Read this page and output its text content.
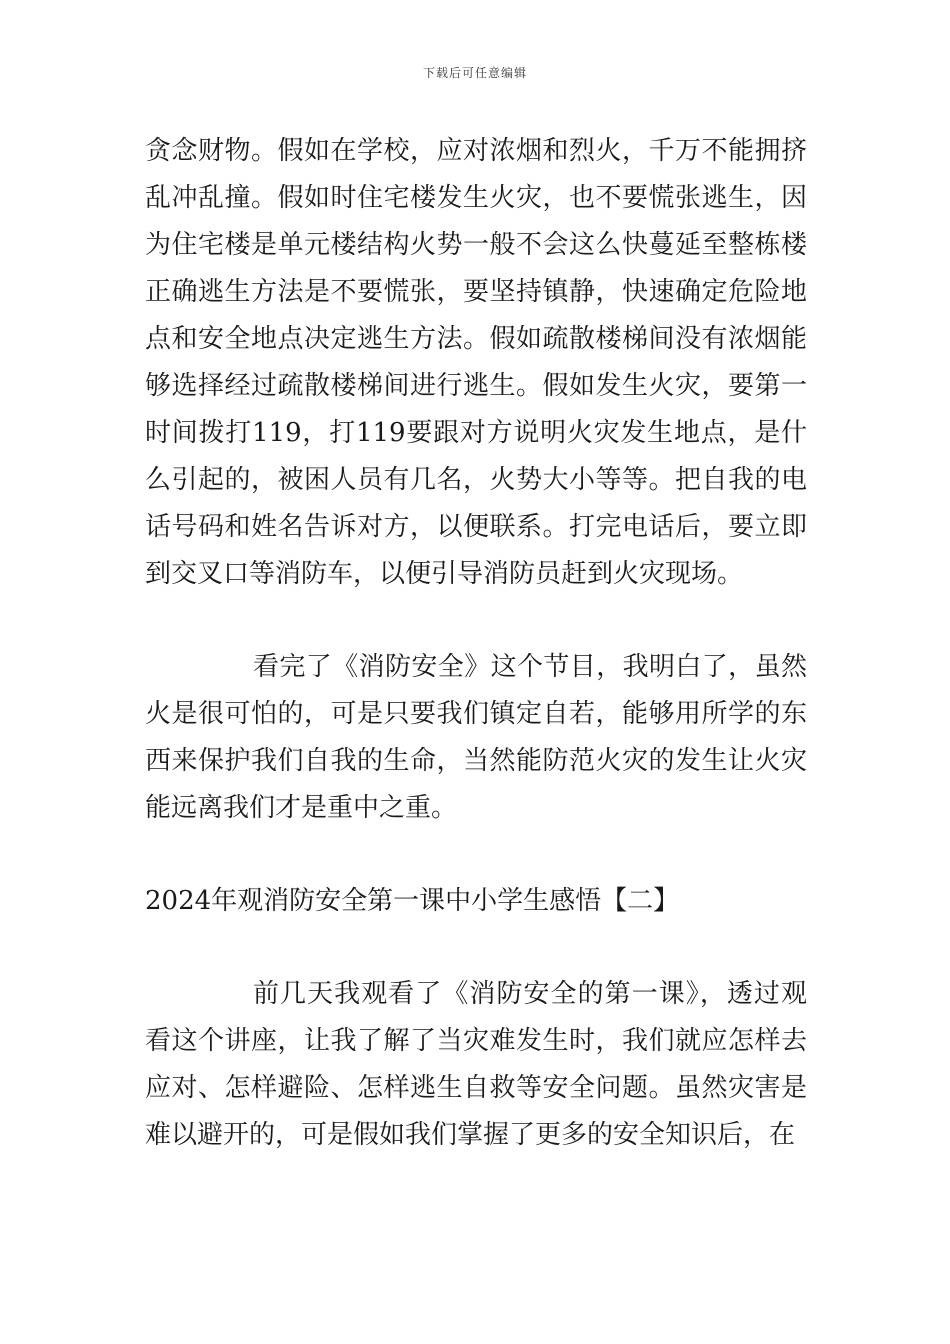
下载后可任意编辑

贪念财物。假如在学校，应对浓烟和烈火，千万不能拥挤乱冲乱撞。假如时住宅楼发生火灾，也不要慌张逃生，因为住宅楼是单元楼结构火势一般不会这么快蔓延至整栋楼正确逃生方法是不要慌张，要坚持镇静，快速确定危险地点和安全地点决定逃生方法。假如疏散楼梯间没有浓烟能够选择经过疏散楼梯间进行逃生。假如发生火灾，要第一时间拨打119，打119要跟对方说明火灾发生地点，是什么引起的，被困人员有几名，火势大小等等。把自我的电话号码和姓名告诉对方，以便联系。打完电话后，要立即到交叉口等消防车，以便引导消防员赶到火灾现场。

看完了《消防安全》这个节目，我明白了，虽然火是很可怕的，可是只要我们镇定自若，能够用所学的东西来保护我们自我的生命，当然能防范火灾的发生让火灾能远离我们才是重中之重。

2024年观消防安全第一课中小学生感悟【二】

前几天我观看了《消防安全的第一课》，透过观看这个讲座，让我了解了当灾难发生时，我们就应怎样去应对、怎样避险、怎样逃生自救等安全问题。虽然灾害是难以避开的，可是假如我们掌握了更多的安全知识后，在
